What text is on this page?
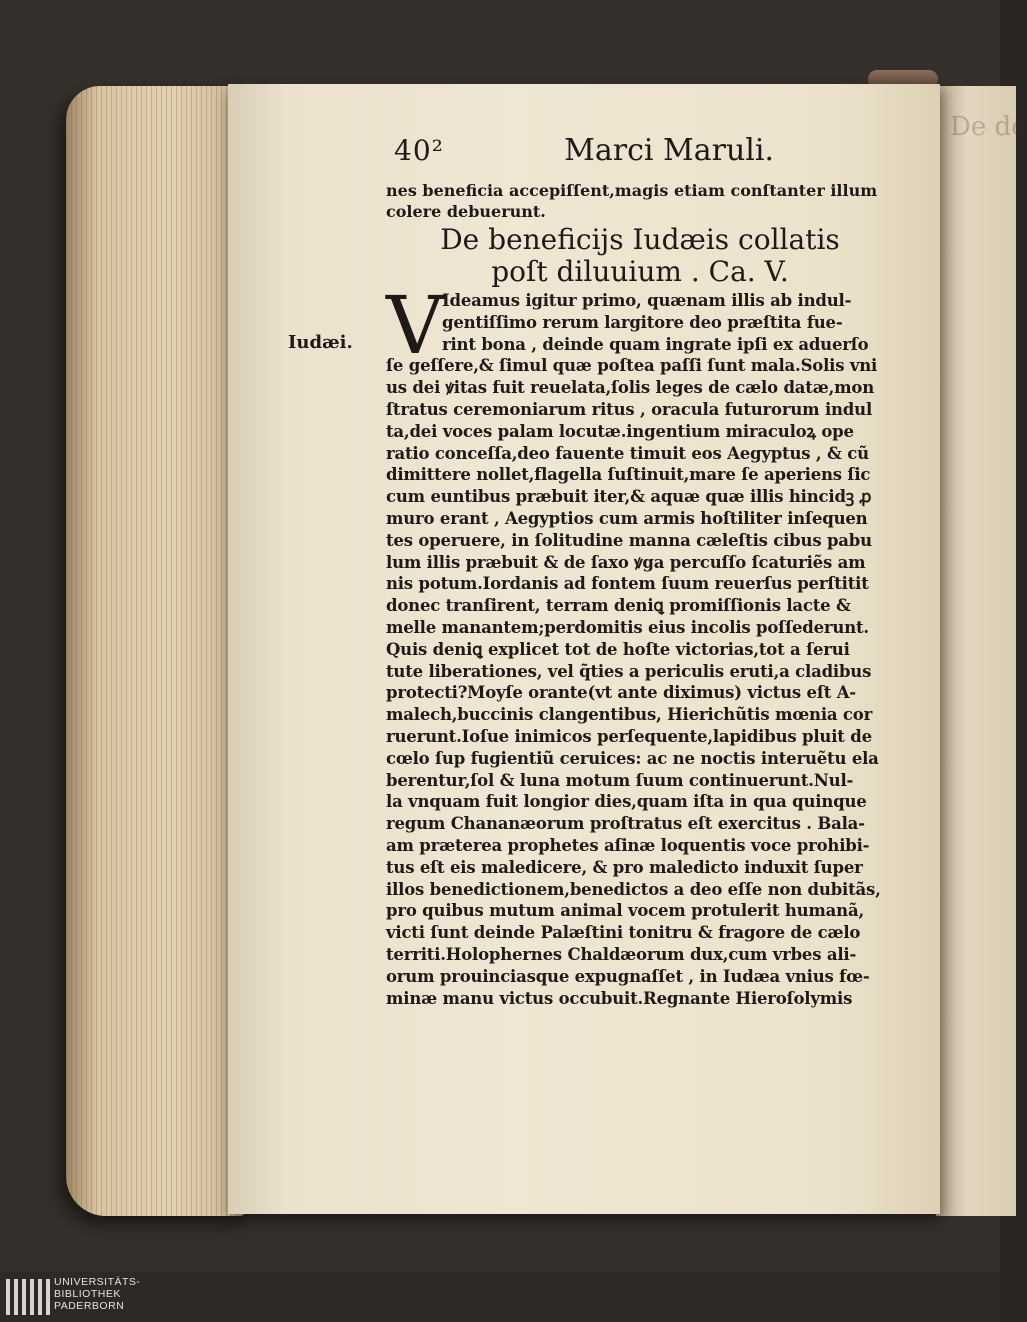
De de
40²	Marci Maruli.
nes beneficia accepiſſent,magis etiam conſtanter illum
colere debuerunt.
De beneficijs Iudæis collatis
poſt diluuium . Ca. V.
Iudæi. V
Ideamus igitur primo, quænam illis ab indul-
gentiſſimo rerum largitore deo præſtita fue-
rint bona , deinde quam ingrate ipſi ex aduerſo
ſe geſſere,& ſimul quæ poſtea paſſi ſunt mala.Solis vni
us dei ꝟitas fuit reuelata,ſolis leges de cælo datæ,mon
ſtratus ceremoniarum ritus , oracula futurorum indul
ta,dei voces palam locutæ.ingentium miraculoꝝ ope
ratio conceſſa,deo fauente timuit eos Aegyptus , & cũ
dimittere nollet,flagella ſuſtinuit,mare ſe aperiens ſic
cum euntibus præbuit iter,& aquæ quæ illis hincidꝫ ꝓ
muro erant , Aegyptios cum armis hoſtiliter inſequen
tes operuere, in ſolitudine manna cæleſtis cibus pabu
lum illis præbuit & de ſaxo ꝟga percuſſo ſcaturiẽs am
nis potum.Iordanis ad fontem ſuum reuerſus perſtitit
donec tranſirent, terram deniꝗ promiſſionis lacte &
melle manantem;perdomitis eius incolis poſſederunt.
Quis deniꝗ explicet tot de hoſte victorias,tot a ſerui
tute liberationes, vel q̃ties a periculis eruti,a cladibus
protecti?Moyſe orante(vt ante diximus) victus eſt A-
malech,buccinis clangentibus, Hierichũtis mœnia cor
ruerunt.Ioſue inimicos perſequente,lapidibus pluit de
cœlo ſup fugientiũ ceruices: ac ne noctis interuẽtu ela
berentur,ſol & luna motum ſuum continuerunt.Nul-
la vnquam fuit longior dies,quam iſta in qua quinque
regum Chananæorum proſtratus eſt exercitus . Bala-
am præterea prophetes aſinæ loquentis voce prohibi-
tus eſt eis maledicere, & pro maledicto induxit ſuper
illos benedictionem,benedictos a deo eſſe non dubitãs,
pro quibus mutum animal vocem protulerit humanã,
victi ſunt deinde Palæſtini tonitru & fragore de cælo
territi.Holophernes Chaldæorum dux,cum vrbes ali-
orum prouinciasque expugnaſſet , in Iudæa vnius fœ-
minæ manu victus occubuit.Regnante Hieroſolymis
UNIVERSITÄTS-
BIBLIOTHEK
PADERBORN
